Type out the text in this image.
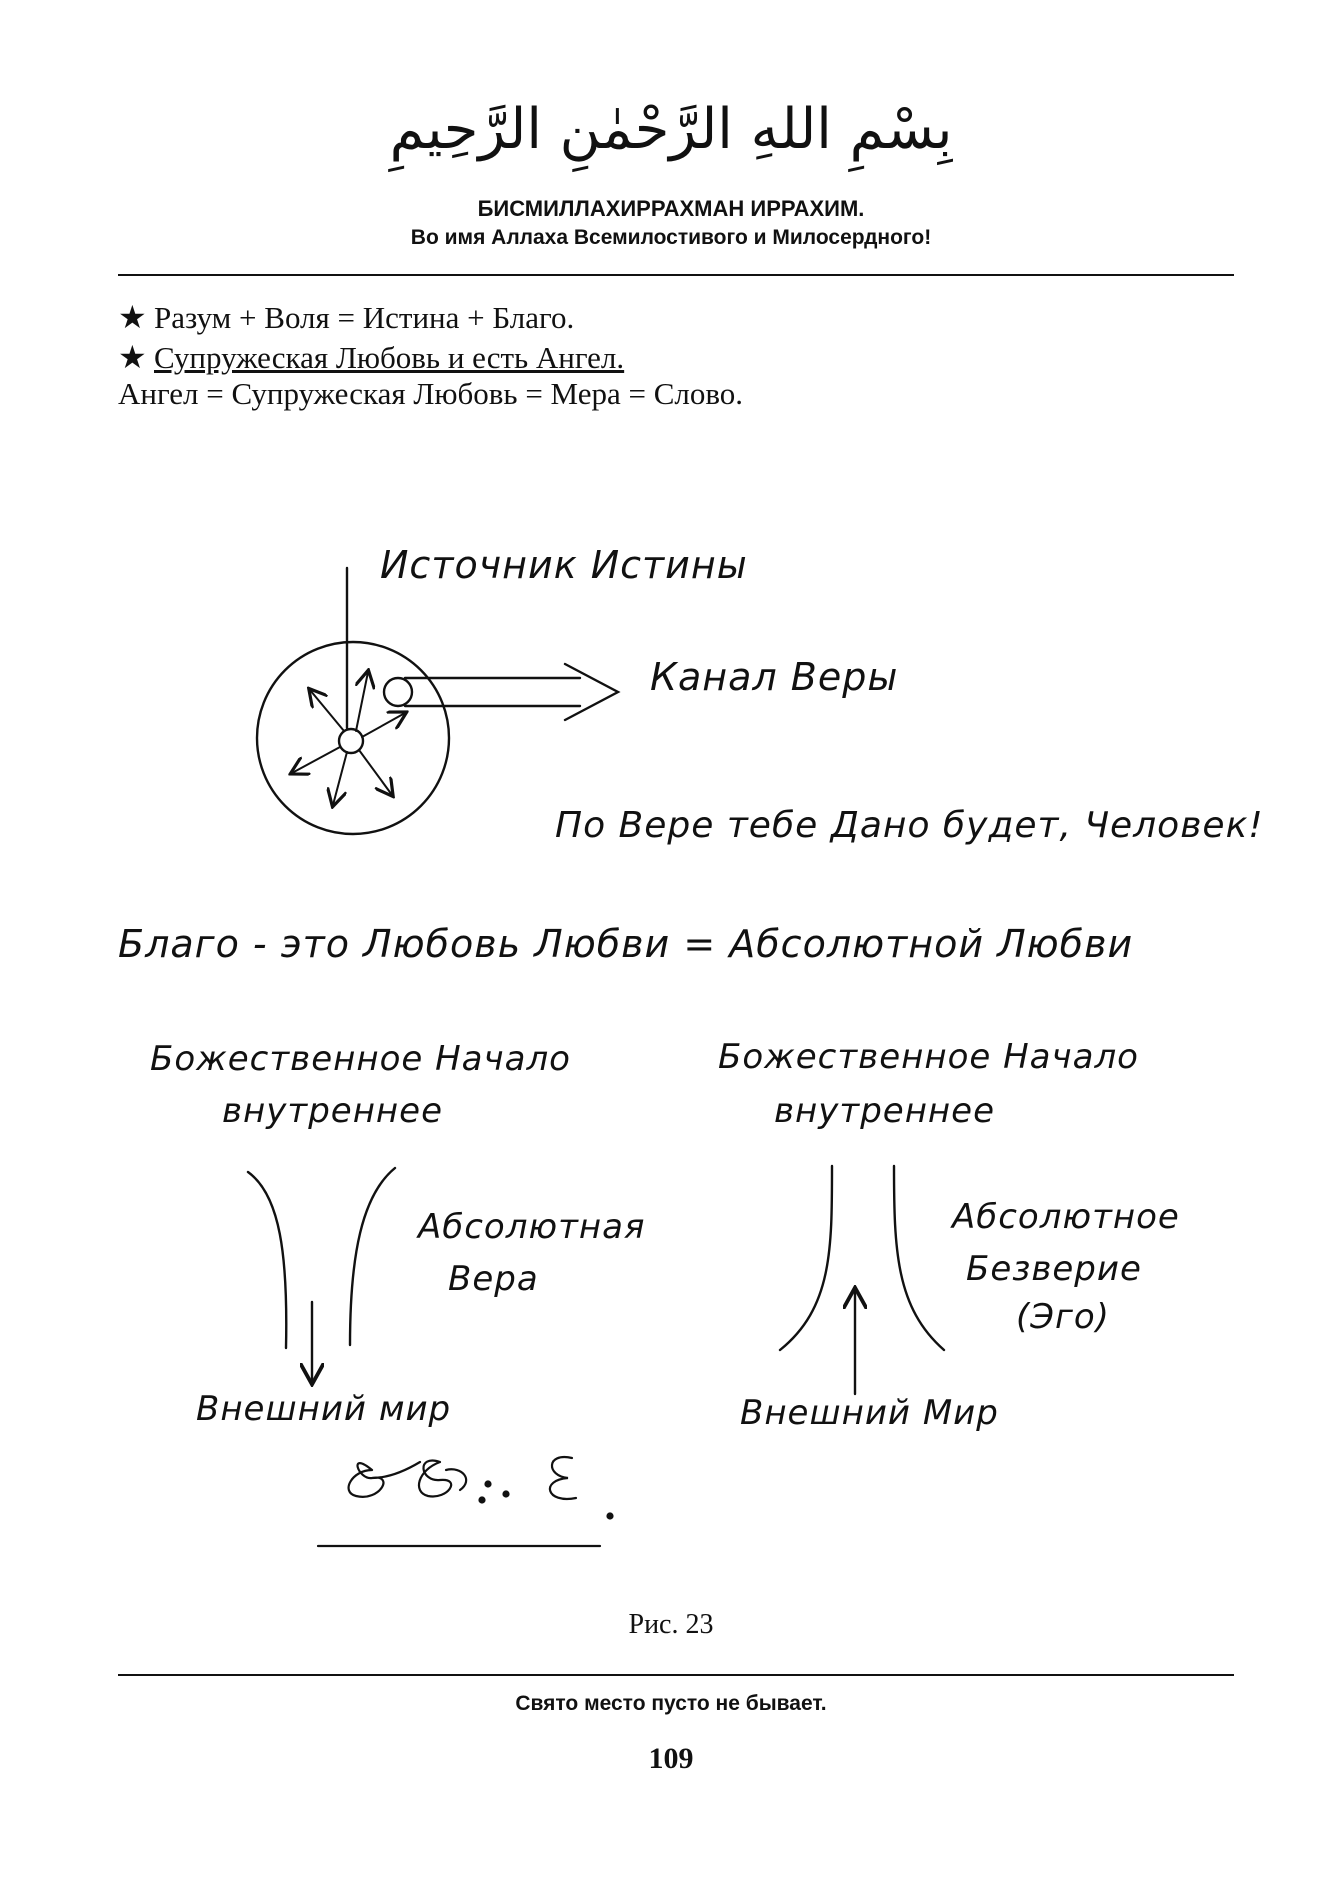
بِسْمِ اللهِ الرَّحْمٰنِ الرَّحِيمِ
БИСМИЛЛАХИРРАХМАН ИРРАХИМ.
Во имя Аллаха Всемилостивого и Милосердного!
★ Разум + Воля = Истина + Благо.
★ Супружеская Любовь и есть Ангел.
Ангел = Супружеская Любовь = Мера = Слово.
Источник Истины
Канал Веры
По Вере тебе Дано будет, Человек!
Благо - это Любовь Любви = Абсолютной Любви
Божественное Начало
внутреннее
Абсолютная
Вера
Внешний мир
Божественное Начало
внутреннее
Абсолютное
Безверие
(Эго)
Внешний Мир
Рис. 23
Свято место пусто не бывает.
109
